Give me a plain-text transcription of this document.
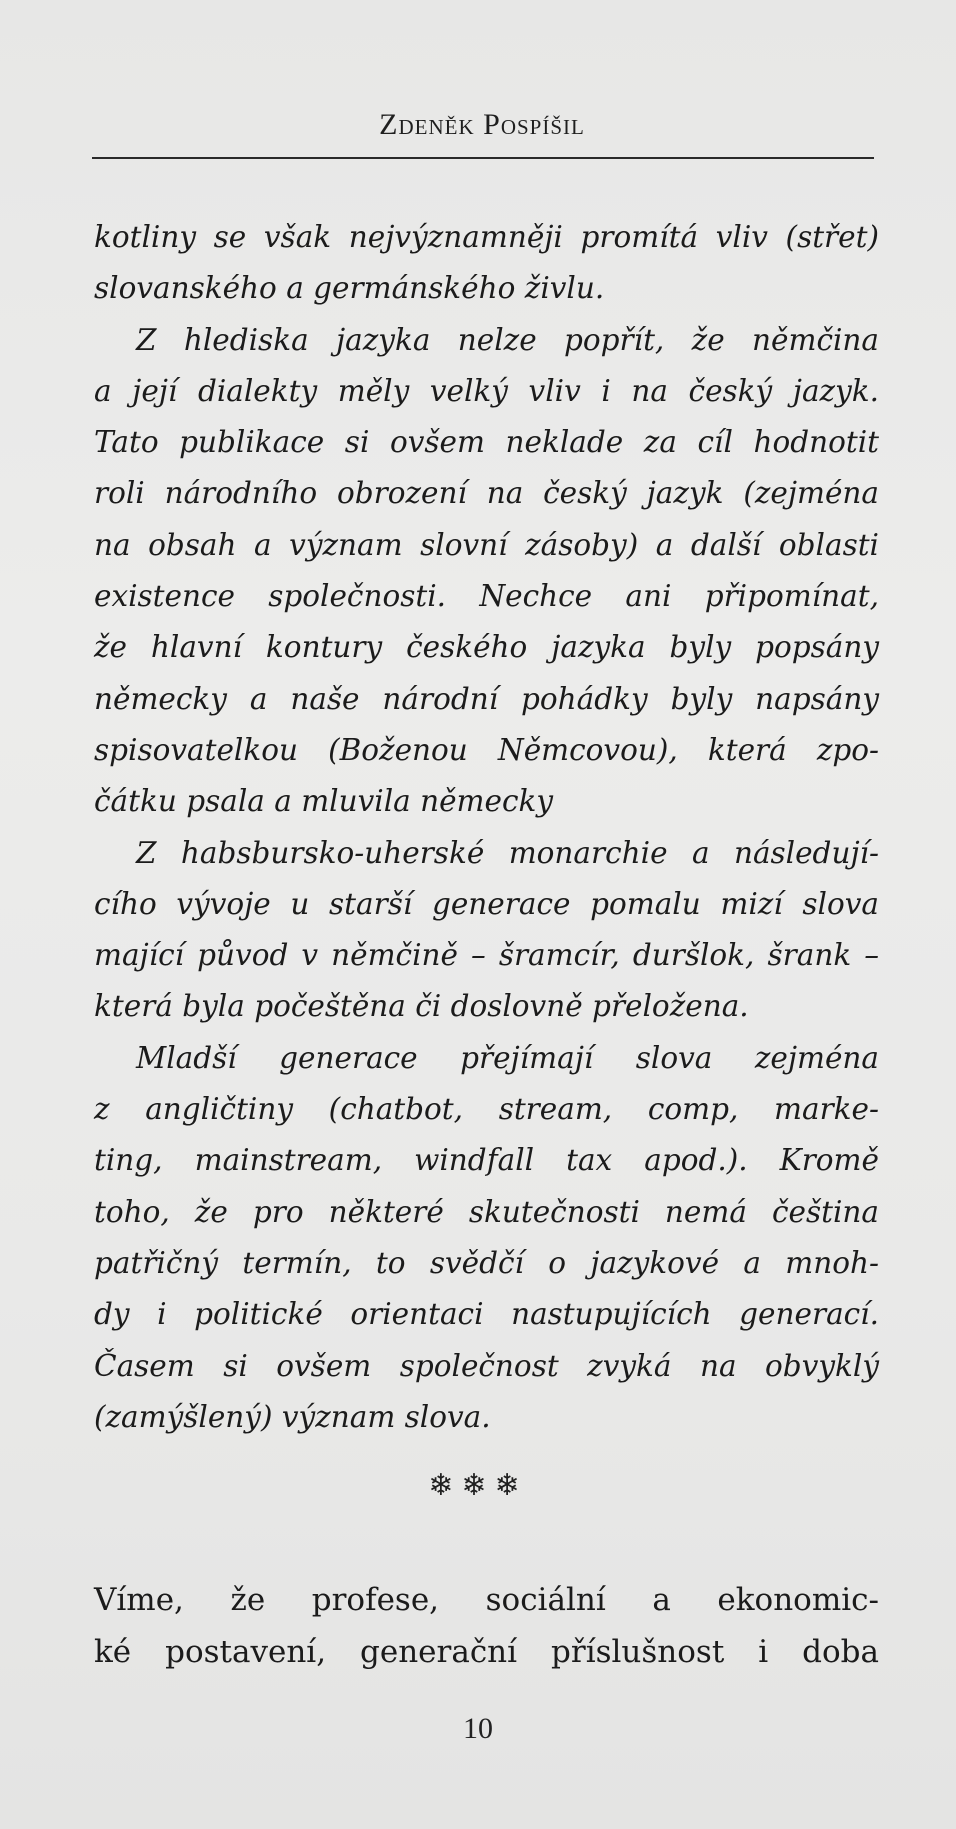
Zdeněk Pospíšil
kotliny se však nejvýznamněji promítá vliv (střet)
slovanského a germánského živlu.
Z hlediska jazyka nelze popřít, že němčina
a její dialekty měly velký vliv i na český jazyk.
Tato publikace si ovšem neklade za cíl hodnotit
roli národního obrození na český jazyk (zejména
na obsah a význam slovní zásoby) a další oblasti
existence společnosti. Nechce ani připomínat,
že hlavní kontury českého jazyka byly popsány
německy a naše národní pohádky byly napsány
spisovatelkou (Boženou Němcovou), která zpo-
čátku psala a mluvila německy
Z habsbursko-uherské monarchie a následují-
cího vývoje u starší generace pomalu mizí slova
mající původ v němčině – šramcír, duršlok, šrank –
která byla počeštěna či doslovně přeložena.
Mladší generace přejímají slova zejména
z angličtiny (chatbot, stream, comp, marke-
ting, mainstream, windfall tax apod.). Kromě
toho, že pro některé skutečnosti nemá čeština
patřičný termín, to svědčí o jazykové a mnoh-
dy i politické orientaci nastupujících generací.
Časem si ovšem společnost zvyká na obvyklý
(zamýšlený) význam slova.
❄❄❄
Víme, že profese, sociální a ekonomic-
ké postavení, generační příslušnost i doba
10
